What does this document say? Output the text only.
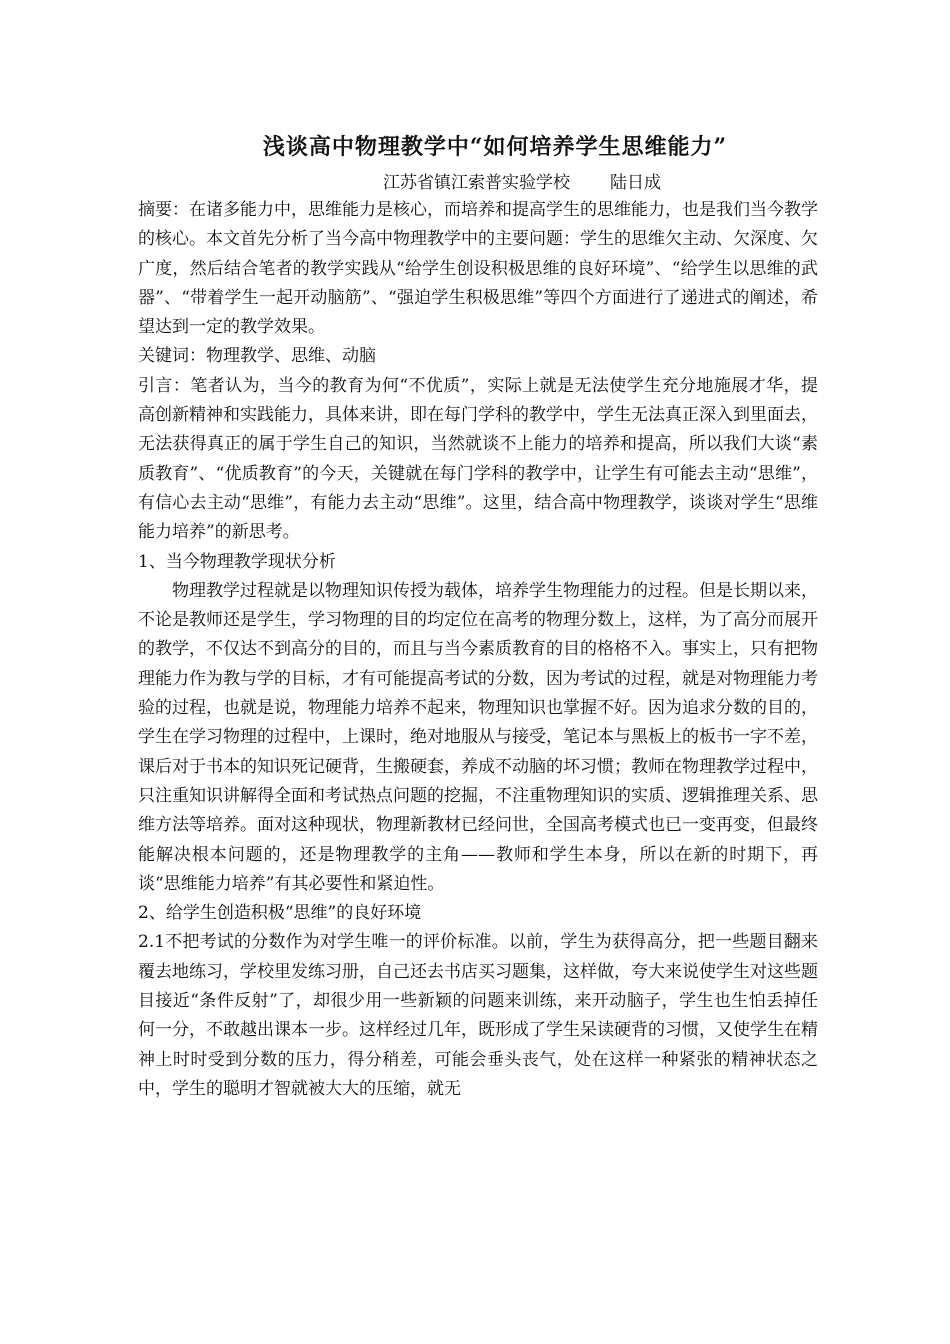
浅谈高中物理教学中“如何培养学生思维能力”
江苏省镇江索普实验学校 陆日成

摘要：在诸多能力中，思维能力是核心，而培养和提高学生的思维能力，也是我们当今教学的核心。本文首先分析了当今高中物理教学中的主要问题：学生的思维欠主动、欠深度、欠广度，然后结合笔者的教学实践从“给学生创设积极思维的良好环境”、“给学生以思维的武器”、“带着学生一起开动脑筋”、“强迫学生积极思维”等四个方面进行了递进式的阐述，希望达到一定的教学效果。

关键词：物理教学、思维、动脑

引言：笔者认为，当今的教育为何“不优质”，实际上就是无法使学生充分地施展才华，提高创新精神和实践能力，具体来讲，即在每门学科的教学中，学生无法真正深入到里面去，无法获得真正的属于学生自己的知识，当然就谈不上能力的培养和提高，所以我们大谈“素质教育”、“优质教育”的今天，关键就在每门学科的教学中，让学生有可能去主动“思维”，有信心去主动“思维”，有能力去主动“思维”。这里，结合高中物理教学，谈谈对学生“思维能力培养”的新思考。

1、当今物理教学现状分析

物理教学过程就是以物理知识传授为载体，培养学生物理能力的过程。但是长期以来，不论是教师还是学生，学习物理的目的均定位在高考的物理分数上，这样，为了高分而展开的教学，不仅达不到高分的目的，而且与当今素质教育的目的格格不入。事实上，只有把物理能力作为教与学的目标，才有可能提高考试的分数，因为考试的过程，就是对物理能力考验的过程，也就是说，物理能力培养不起来，物理知识也掌握不好。因为追求分数的目的，学生在学习物理的过程中，上课时，绝对地服从与接受，笔记本与黑板上的板书一字不差，课后对于书本的知识死记硬背，生搬硬套，养成不动脑的坏习惯；教师在物理教学过程中，只注重知识讲解得全面和考试热点问题的挖掘，不注重物理知识的实质、逻辑推理关系、思维方法等培养。面对这种现状，物理新教材已经问世，全国高考模式也已一变再变，但最终能解决根本问题的，还是物理教学的主角——教师和学生本身，所以在新的时期下，再谈“思维能力培养”有其必要性和紧迫性。

2、给学生创造积极“思维”的良好环境

2.1不把考试的分数作为对学生唯一的评价标准。以前，学生为获得高分，把一些题目翻来覆去地练习，学校里发练习册，自己还去书店买习题集，这样做，夸大来说使学生对这些题目接近“条件反射”了，却很少用一些新颖的问题来训练，来开动脑子，学生也生怕丢掉任何一分，不敢越出课本一步。这样经过几年，既形成了学生呆读硬背的习惯，又使学生在精神上时时受到分数的压力，得分稍差，可能会垂头丧气，处在这样一种紧张的精神状态之中，学生的聪明才智就被大大的压缩，就无
